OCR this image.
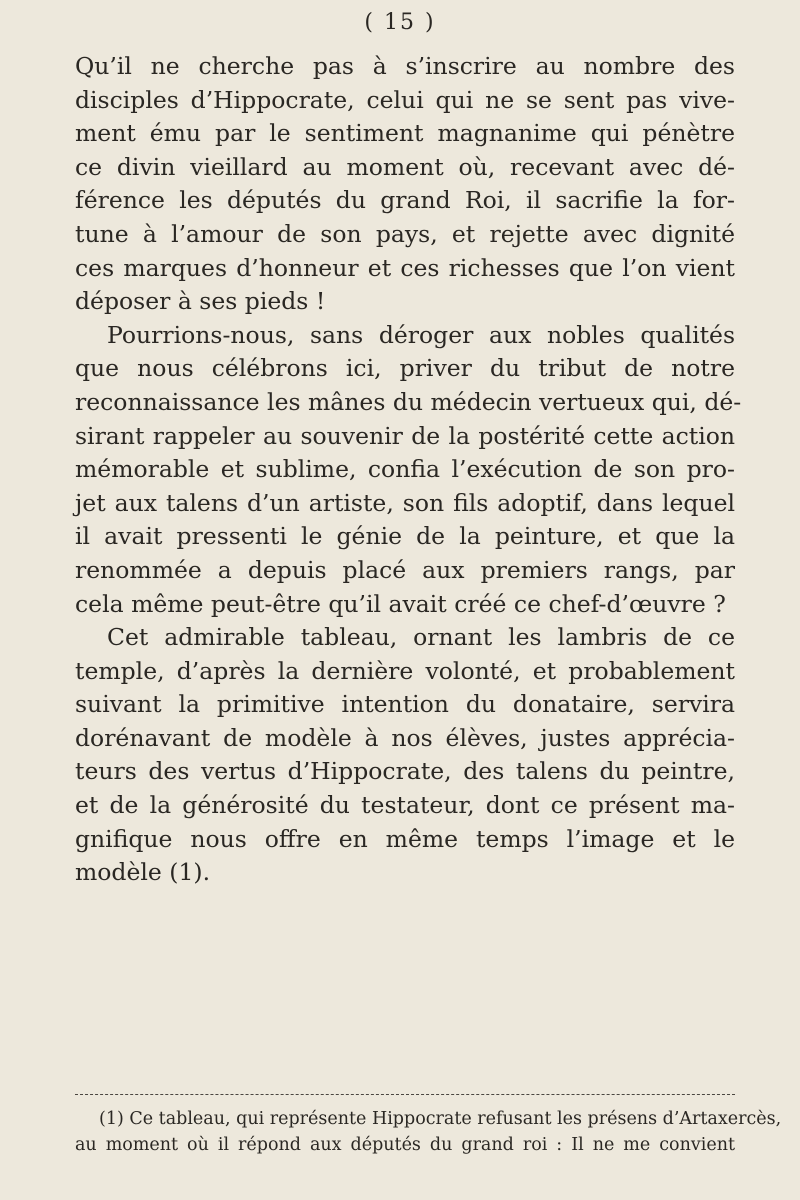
( 15 )
Qu’il ne cherche pas à s’inscrire au nombre des
disciples d’Hippocrate, celui qui ne se sent pas vive-
ment ému par le sentiment magnanime qui pénètre
ce divin vieillard au moment où, recevant avec dé-
férence les députés du grand Roi, il sacrifie la for-
tune à l’amour de son pays, et rejette avec dignité
ces marques d’honneur et ces richesses que l’on vient
déposer à ses pieds !
Pourrions-nous, sans déroger aux nobles qualités
que nous célébrons ici, priver du tribut de notre
reconnaissance les mânes du médecin vertueux qui, dé-
sirant rappeler au souvenir de la postérité cette action
mémorable et sublime, confia l’exécution de son pro-
jet aux talens d’un artiste, son fils adoptif, dans lequel
il avait pressenti le génie de la peinture, et que la
renommée a depuis placé aux premiers rangs, par
cela même peut-être qu’il avait créé ce chef-d’œuvre ?
Cet admirable tableau, ornant les lambris de ce
temple, d’après la dernière volonté, et probablement
suivant la primitive intention du donataire, servira
dorénavant de modèle à nos élèves, justes apprécia-
teurs des vertus d’Hippocrate, des talens du peintre,
et de la générosité du testateur, dont ce présent ma-
gnifique nous offre en même temps l’image et le
modèle (1).
(1) Ce tableau, qui représente Hippocrate refusant les présens d’Artaxercès,
au moment où il répond aux députés du grand roi : Il ne me convient
